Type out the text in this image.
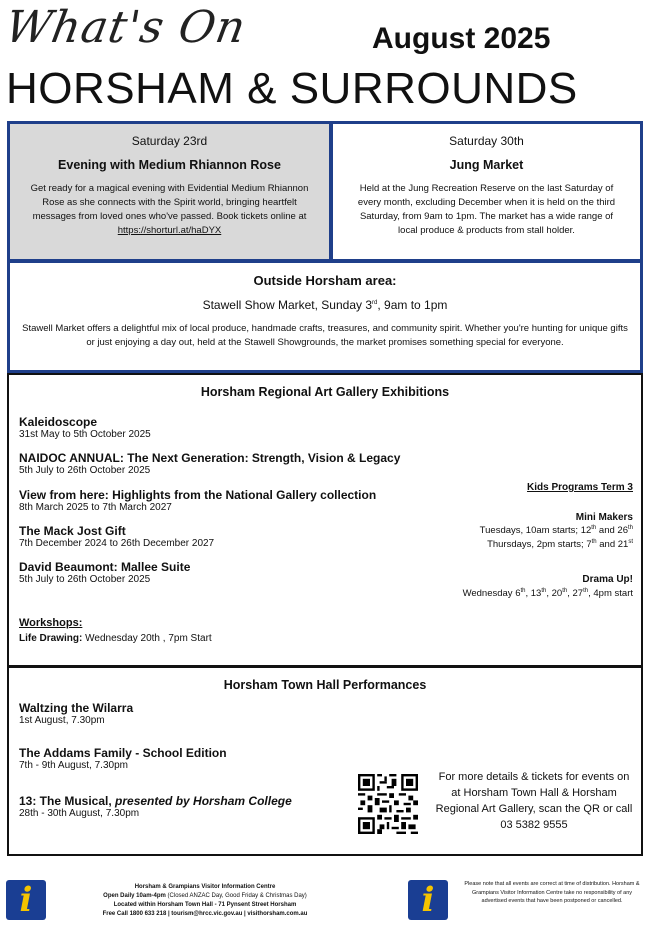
What's On	August 2025
HORSHAM & SURROUNDS
Saturday 23rd
Evening with Medium Rhiannon Rose
Get ready for a magical evening with Evidential Medium Rhiannon Rose as she connects with the Spirit world, bringing heartfelt messages from loved ones who've passed. Book tickets online at
https://shorturl.at/haDYX
Saturday 30th
Jung Market
Held at the Jung Recreation Reserve on the last Saturday of every month, excluding December when it is held on the third Saturday, from 9am to 1pm. The market has a wide range of local produce & products from stall holder.
Outside Horsham area:
Stawell Show Market, Sunday 3rd, 9am to 1pm
Stawell Market offers a delightful mix of local produce, handmade crafts, treasures, and community spirit. Whether you're hunting for unique gifts or just enjoying a day out, held at the Stawell Showgrounds, the market promises something special for everyone.
Horsham Regional Art Gallery Exhibitions
Kaleidoscope
31st May to 5th October 2025
NAIDOC ANNUAL: The Next Generation: Strength, Vision & Legacy
5th July to 26th October 2025
View from here: Highlights from the National Gallery collection
8th March 2025 to 7th March 2027
The Mack Jost Gift
7th December 2024 to 26th December 2027
David Beaumont: Mallee Suite
5th July to 26th October 2025
Kids Programs Term 3
Mini Makers
Tuesdays, 10am starts; 12th and 26th
Thursdays, 2pm starts; 7th and 21st
Drama Up!
Wednesday 6th, 13th, 20th, 27th, 4pm start
Workshops:
Life Drawing: Wednesday 20th , 7pm Start
Horsham Town Hall Performances
Waltzing the Wilarra
1st August, 7.30pm
The Addams Family - School Edition
7th - 9th August, 7.30pm
13: The Musical, presented by Horsham College
28th - 30th August, 7.30pm
For more details & tickets for events on at Horsham Town Hall & Horsham Regional Art Gallery, scan the QR or call
03 5382 9555
i	Horsham & Grampians Visitor Information Centre
Open Daily 10am-4pm (Closed ANZAC Day, Good Friday & Christmas Day)
Located within Horsham Town Hall - 71 Pynsent Street Horsham
Free Call 1800 633 218 | tourism@hrcc.vic.gov.au | visithorsham.com.au	i	Please note that all events are correct at time of distribution. Horsham & Grampians Visitor Information Centre take no responsibility of any advertised events that have been postponed or cancelled.
